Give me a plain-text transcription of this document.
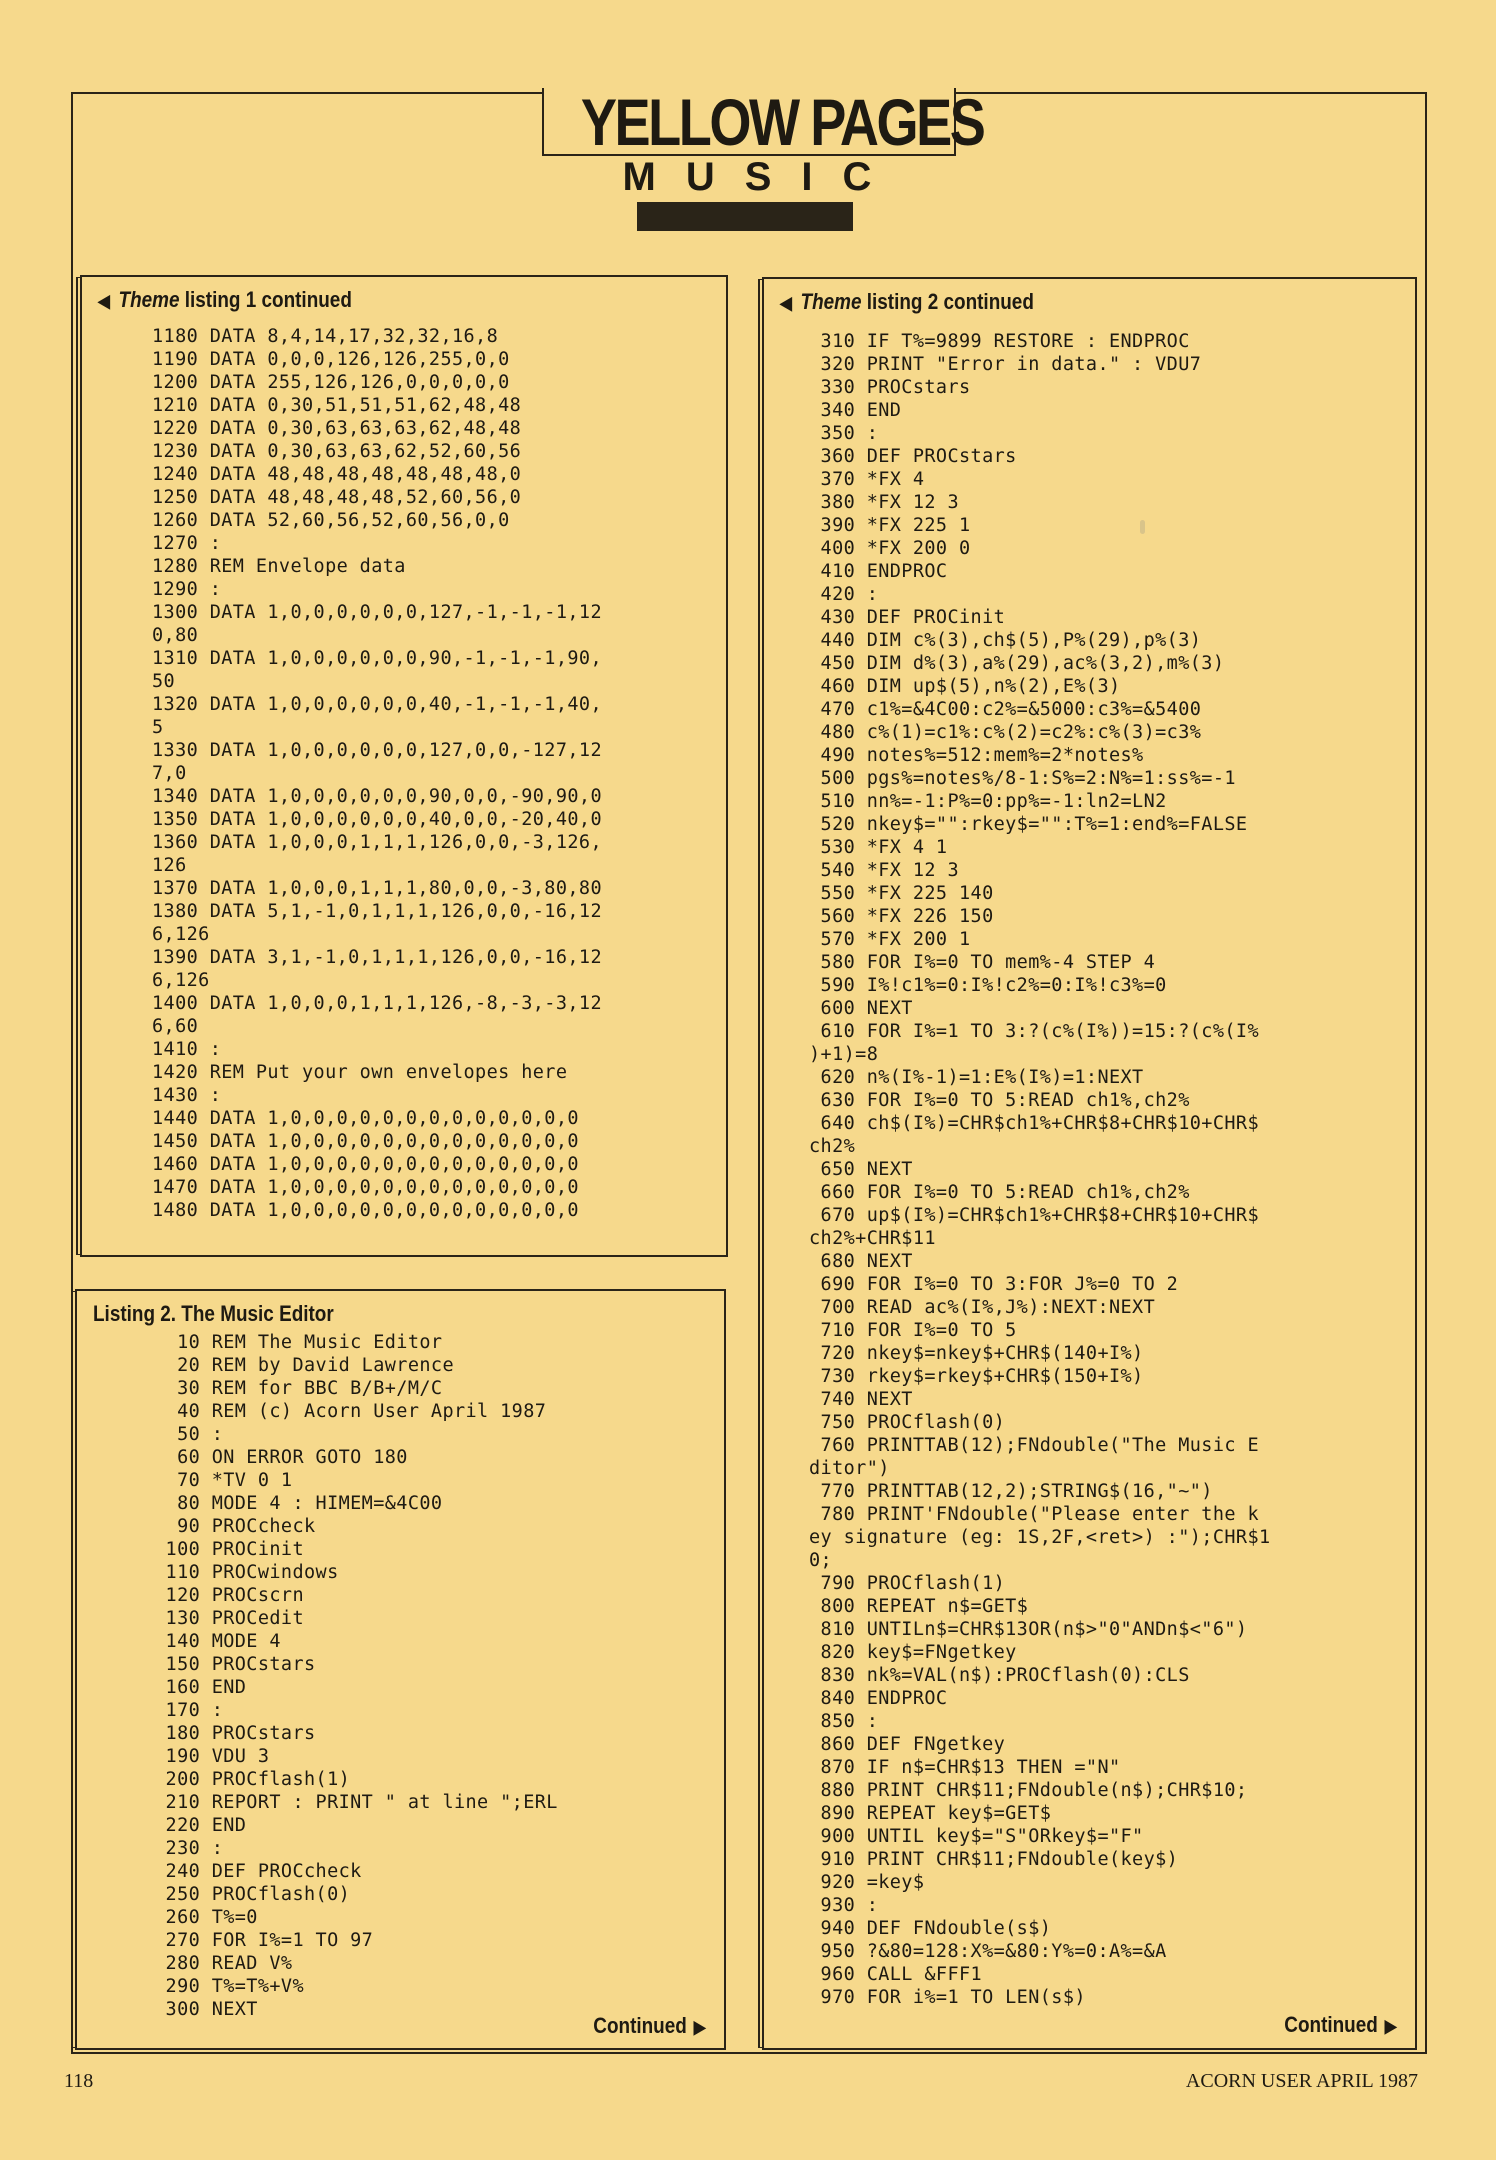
YELLOW PAGES
MUSIC
◀ Theme listing 1 continued
1180 DATA 8,4,14,17,32,32,16,8
1190 DATA 0,0,0,126,126,255,0,0
1200 DATA 255,126,126,0,0,0,0,0
1210 DATA 0,30,51,51,51,62,48,48
1220 DATA 0,30,63,63,63,62,48,48
1230 DATA 0,30,63,63,62,52,60,56
1240 DATA 48,48,48,48,48,48,48,0
1250 DATA 48,48,48,48,52,60,56,0
1260 DATA 52,60,56,52,60,56,0,0
1270 :
1280 REM Envelope data
1290 :
1300 DATA 1,0,0,0,0,0,0,127,-1,-1,-1,12
0,80
1310 DATA 1,0,0,0,0,0,0,90,-1,-1,-1,90,
50
1320 DATA 1,0,0,0,0,0,0,40,-1,-1,-1,40,
5
1330 DATA 1,0,0,0,0,0,0,127,0,0,-127,12
7,0
1340 DATA 1,0,0,0,0,0,0,90,0,0,-90,90,0
1350 DATA 1,0,0,0,0,0,0,40,0,0,-20,40,0
1360 DATA 1,0,0,0,1,1,1,126,0,0,-3,126,
126
1370 DATA 1,0,0,0,1,1,1,80,0,0,-3,80,80
1380 DATA 5,1,-1,0,1,1,1,126,0,0,-16,12
6,126
1390 DATA 3,1,-1,0,1,1,1,126,0,0,-16,12
6,126
1400 DATA 1,0,0,0,1,1,1,126,-8,-3,-3,12
6,60
1410 :
1420 REM Put your own envelopes here
1430 :
1440 DATA 1,0,0,0,0,0,0,0,0,0,0,0,0,0
1450 DATA 1,0,0,0,0,0,0,0,0,0,0,0,0,0
1460 DATA 1,0,0,0,0,0,0,0,0,0,0,0,0,0
1470 DATA 1,0,0,0,0,0,0,0,0,0,0,0,0,0
1480 DATA 1,0,0,0,0,0,0,0,0,0,0,0,0,0
Listing 2. The Music Editor
10 REM The Music Editor
20 REM by David Lawrence
30 REM for BBC B/B+/M/C
40 REM (c) Acorn User April 1987
50 :
60 ON ERROR GOTO 180
70 *TV 0 1
80 MODE 4 : HIMEM=&4C00
90 PROCcheck
100 PROCinit
110 PROCwindows
120 PROCscrn
130 PROCedit
140 MODE 4
150 PROCstars
160 END
170 :
180 PROCstars
190 VDU 3
200 PROCflash(1)
210 REPORT : PRINT " at line ";ERL
220 END
230 :
240 DEF PROCcheck
250 PROCflash(0)
260 T%=0
270 FOR I%=1 TO 97
280 READ V%
290 T%=T%+V%
300 NEXT
Continued ▶
◀ Theme listing 2 continued
310 IF T%=9899 RESTORE : ENDPROC
320 PRINT "Error in data." : VDU7
330 PROCstars
340 END
350 :
360 DEF PROCstars
370 *FX 4
380 *FX 12 3
390 *FX 225 1
400 *FX 200 0
410 ENDPROC
420 :
430 DEF PROCinit
440 DIM c%(3),ch$(5),P%(29),p%(3)
450 DIM d%(3),a%(29),ac%(3,2),m%(3)
460 DIM up$(5),n%(2),E%(3)
470 c1%=&4C00:c2%=&5000:c3%=&5400
480 c%(1)=c1%:c%(2)=c2%:c%(3)=c3%
490 notes%=512:mem%=2*notes%
500 pgs%=notes%/8-1:S%=2:N%=1:ss%=-1
510 nn%=-1:P%=0:pp%=-1:ln2=LN2
520 nkey$="":rkey$="":T%=1:end%=FALSE
530 *FX 4 1
540 *FX 12 3
550 *FX 225 140
560 *FX 226 150
570 *FX 200 1
580 FOR I%=0 TO mem%-4 STEP 4
590 I%!c1%=0:I%!c2%=0:I%!c3%=0
600 NEXT
610 FOR I%=1 TO 3:?(c%(I%))=15:?(c%(I%
)+1)=8
620 n%(I%-1)=1:E%(I%)=1:NEXT
630 FOR I%=0 TO 5:READ ch1%,ch2%
640 ch$(I%)=CHR$ch1%+CHR$8+CHR$10+CHR$
ch2%
650 NEXT
660 FOR I%=0 TO 5:READ ch1%,ch2%
670 up$(I%)=CHR$ch1%+CHR$8+CHR$10+CHR$
ch2%+CHR$11
680 NEXT
690 FOR I%=0 TO 3:FOR J%=0 TO 2
700 READ ac%(I%,J%):NEXT:NEXT
710 FOR I%=0 TO 5
720 nkey$=nkey$+CHR$(140+I%)
730 rkey$=rkey$+CHR$(150+I%)
740 NEXT
750 PROCflash(0)
760 PRINTTAB(12);FNdouble("The Music E
ditor")
770 PRINTTAB(12,2);STRING$(16,"~")
780 PRINT'FNdouble("Please enter the k
ey signature (eg: 1S,2F,<ret>) :");CHR$1
0;
790 PROCflash(1)
800 REPEAT n$=GET$
810 UNTILn$=CHR$13OR(n$>"0"ANDn$<"6")
820 key$=FNgetkey
830 nk%=VAL(n$):PROCflash(0):CLS
840 ENDPROC
850 :
860 DEF FNgetkey
870 IF n$=CHR$13 THEN ="N"
880 PRINT CHR$11;FNdouble(n$);CHR$10;
890 REPEAT key$=GET$
900 UNTIL key$="S"ORkey$="F"
910 PRINT CHR$11;FNdouble(key$)
920 =key$
930 :
940 DEF FNdouble(s$)
950 ?&80=128:X%=&80:Y%=0:A%=&A
960 CALL &FFF1
970 FOR i%=1 TO LEN(s$)
Continued ▶
118	ACORN USER APRIL 1987
